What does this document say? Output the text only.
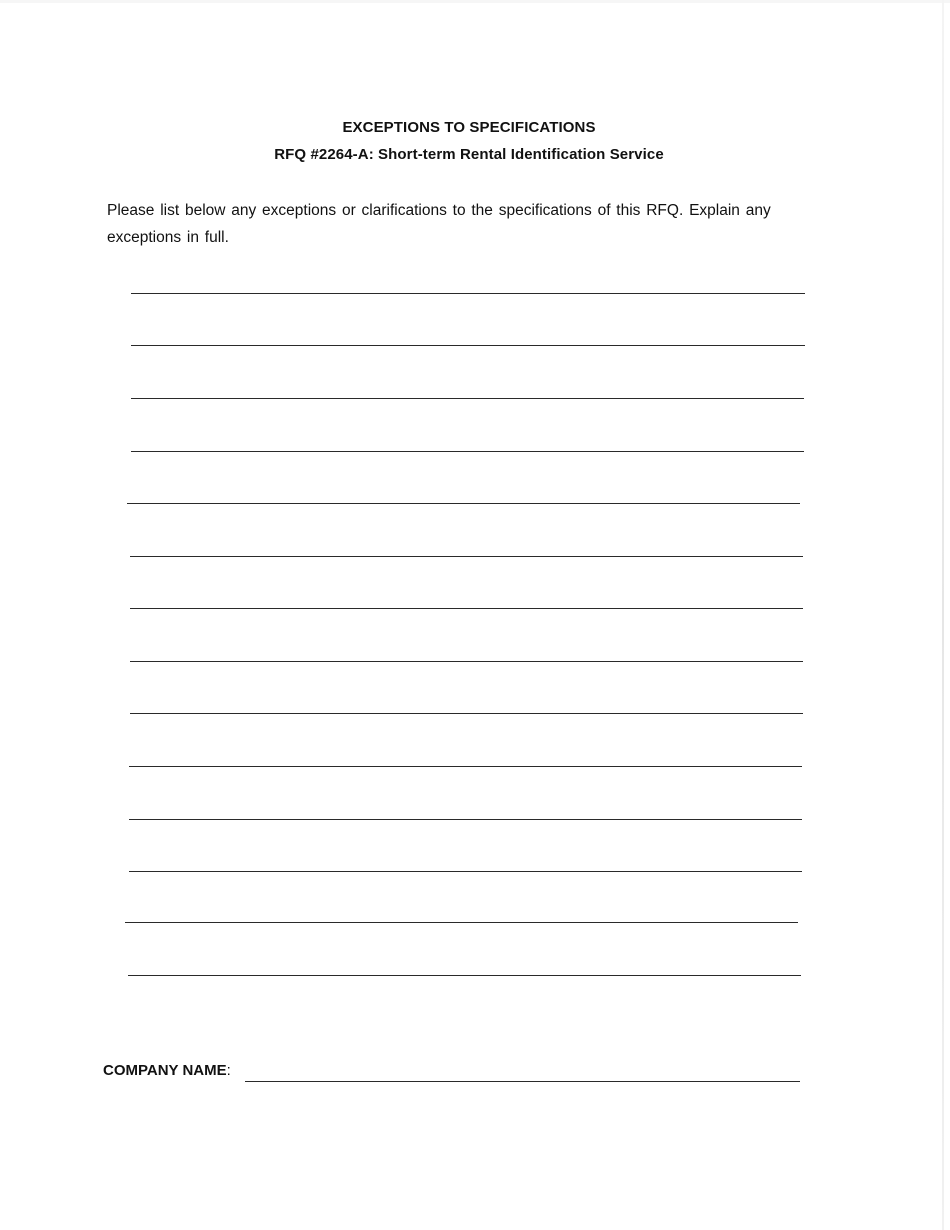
EXCEPTIONS TO SPECIFICATIONS
RFQ #2264-A: Short-term Rental Identification Service
Please list below any exceptions or clarifications to the specifications of this RFQ. Explain any exceptions in full.
COMPANY NAME:
